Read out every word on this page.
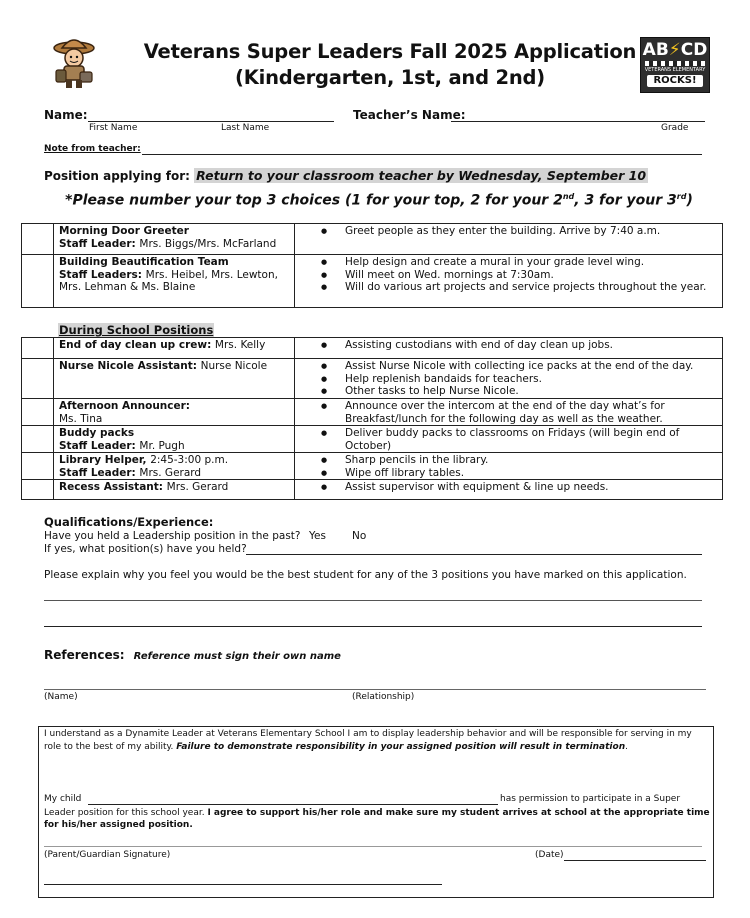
Veterans Super Leaders Fall 2025 Application
(Kindergarten, 1st, and 2nd)
AB⚡CD
VETERANS ELEMENTARY
ROCKS!
Name:
First Name	Last Name
Teacher’s Name:
Grade
Note from teacher:
Position applying for: Return to your classroom teacher by Wednesday, September 10
*Please number your top 3 choices (1 for your top, 2 for your 2nd, 3 for your 3rd)
	Morning Door Greeter
Staff Leader: Mrs. Biggs/Mrs. McFarland	● Greet people as they enter the building. Arrive by 7:40 a.m.

	Building Beautification Team
Staff Leaders: Mrs. Heibel, Mrs. Lewton,
Mrs. Lehman & Ms. Blaine	● Help design and create a mural in your grade level wing.
● Will meet on Wed. mornings at 7:30am.
● Will do various art projects and service projects throughout the year.
During School Positions
	End of day clean up crew: Mrs. Kelly	● Assisting custodians with end of day clean up jobs.

	Nurse Nicole Assistant: Nurse Nicole	● Assist Nurse Nicole with collecting ice packs at the end of the day.
● Help replenish bandaids for teachers.
● Other tasks to help Nurse Nicole.

	Afternoon Announcer:
Ms. Tina	● Announce over the intercom at the end of the day what’s for
Breakfast/lunch for the following day as well as the weather.

	Buddy packs
Staff Leader: Mr. Pugh	● Deliver buddy packs to classrooms on Fridays (will begin end of
October)

	Library Helper, 2:45-3:00 p.m.
Staff Leader: Mrs. Gerard	● Sharp pencils in the library.
● Wipe off library tables.

	Recess Assistant: Mrs. Gerard	● Assist supervisor with equipment & line up needs.
Qualifications/Experience:
Have you held a Leadership position in the past? Yes No
If yes, what position(s) have you held?
Please explain why you feel you would be the best student for any of the 3 positions you have marked on this application.
References: Reference must sign their own name
(Name)	(Relationship)
I understand as a Dynamite Leader at Veterans Elementary School I am to display leadership behavior and will be responsible for serving in my
role to the best of my ability. Failure to demonstrate responsibility in your assigned position will result in termination.
My child	has permission to participate in a Super
Leader position for this school year. I agree to support his/her role and make sure my student arrives at school at the appropriate time
for his/her assigned position.
(Parent/Guardian Signature)	(Date)
